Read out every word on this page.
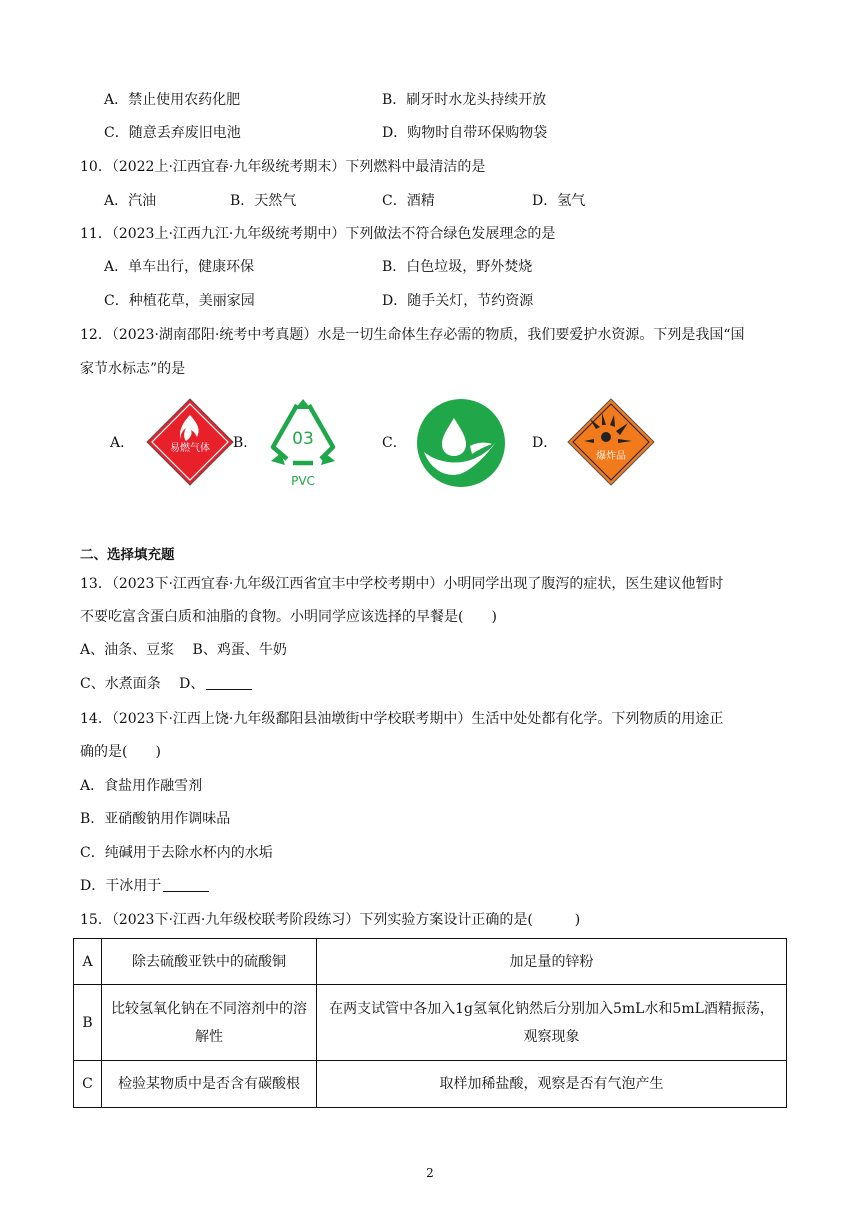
A．禁止使用农药化肥	B．刷牙时水龙头持续开放
C．随意丢弃废旧电池	D．购物时自带环保购物袋
10．（2022上·江西宜春·九年级统考期末）下列燃料中最清洁的是
A．汽油	B．天然气	C．酒精	D．氢气
11．（2023上·江西九江·九年级统考期中）下列做法不符合绿色发展理念的是
A．单车出行，健康环保	B．白色垃圾，野外焚烧
C．种植花草，美丽家园	D．随手关灯，节约资源
12．（2023·湖南邵阳·统考中考真题）水是一切生命体生存必需的物质，我们要爱护水资源。下列是我国“国
家节水标志”的是
A．	B．	C．	D．
易燃气体	03
PVC
爆炸品
二、选择填充题
13．（2023下·江西宜春·九年级江西省宜丰中学校考期中）小明同学出现了腹泻的症状，医生建议他暂时
不要吃富含蛋白质和油脂的食物。小明同学应该选择的早餐是(　　)
A、油条、豆浆　 B、鸡蛋、牛奶
C、水煮面条　 D、
14．（2023下·江西上饶·九年级鄱阳县油墩街中学校联考期中）生活中处处都有化学。下列物质的用途正
确的是(　　)
A．食盐用作融雪剂
B．亚硝酸钠用作调味品
C．纯碱用于去除水杯内的水垢
D．干冰用于
15．（2023下·江西·九年级校联考阶段练习）下列实验方案设计正确的是(　　　)
A	除去硫酸亚铁中的硫酸铜	加足量的锌粉
B	比较氢氧化钠在不同溶剂中的溶解性	在两支试管中各加入1g氢氧化钠然后分别加入5mL水和5mL酒精振荡，观察现象
C	检验某物质中是否含有碳酸根	取样加稀盐酸，观察是否有气泡产生
2
